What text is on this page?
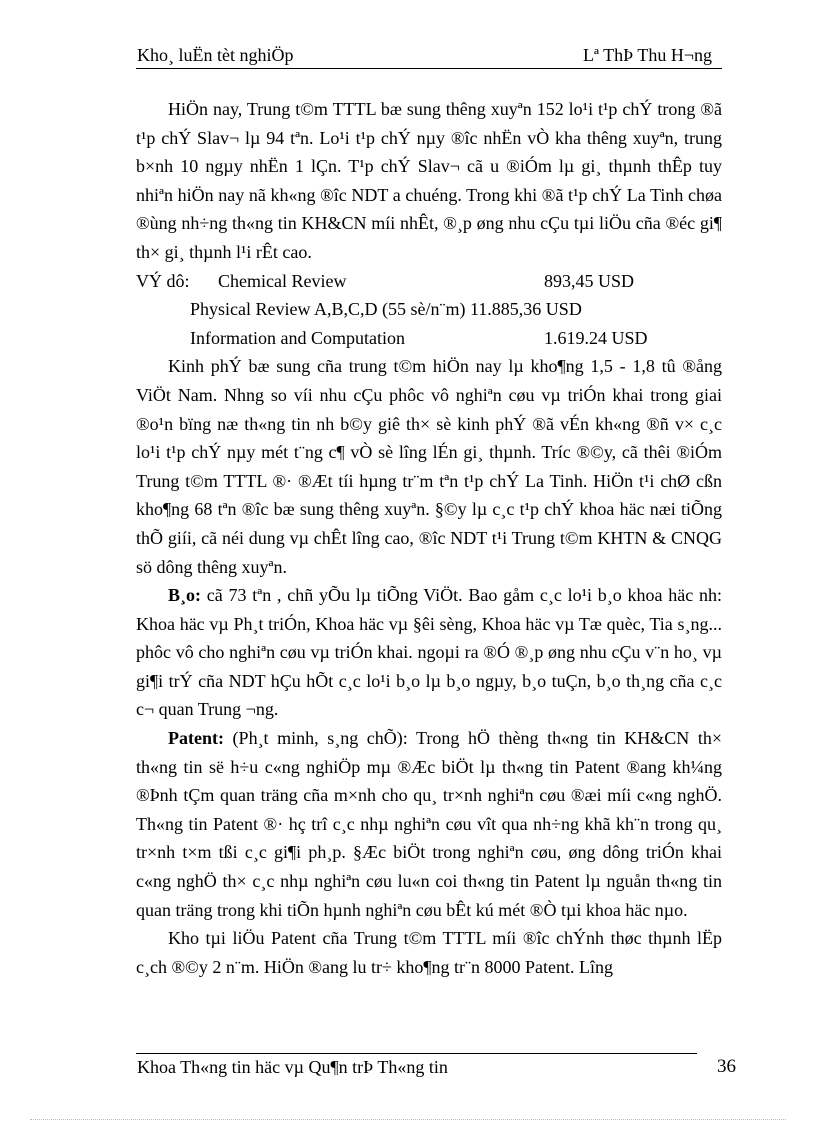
Kho¸ luËn tèt nghiÖp	Lª ThÞ Thu H¬ng

HiÖn nay, Trung t©m TTTL bæ sung thêng xuyªn 152 lo¹i t¹p chÝ trong ®ã t¹p chÝ Slav¬ lµ 94 tªn. Lo¹i t¹p chÝ nµy ®îc nhËn vÒ kha thêng xuyªn, trung b×nh 10 ngµy nhËn 1 lÇn. T¹p chÝ Slav¬ cã u ®iÓm lµ gi¸ thµnh thÊp tuy nhiªn hiÖn nay nã kh«ng ®îc NDT a chuéng. Trong khi ®ã t¹p chÝ La Tinh chøa ®ùng nh÷ng th«ng tin KH&CN míi nhÊt, ®¸p øng nhu cÇu tµi liÖu cña ®éc gi¶ th× gi¸ thµnh l¹i rÊt cao.

VÝ dô:	Chemical Review	893,45 USD
Physical Review A,B,C,D (55 sè/n¨m) 11.885,36 USD
Information and Computation	1.619.24 USD

Kinh phÝ bæ sung cña trung t©m hiÖn nay lµ kho¶ng 1,5 - 1,8 tû ®ång ViÖt Nam. Nhng so víi nhu cÇu phôc vô nghiªn cøu vµ triÓn khai trong giai ®o¹n bïng næ th«ng tin nh b©y giê th× sè kinh phÝ ®ã vÉn kh«ng ®ñ v× c¸c lo¹i t¹p chÝ nµy mét t¨ng c¶ vÒ sè lîng lÉn gi¸ thµnh. Tríc ®©y, cã thêi ®iÓm Trung t©m TTTL ®· ®Æt tíi hµng tr¨m tªn t¹p chÝ La Tinh. HiÖn t¹i chØ cßn kho¶ng 68 tªn ®îc bæ sung thêng xuyªn. §©y lµ c¸c t¹p chÝ khoa häc næi tiÕng thÕ giíi, cã néi dung vµ chÊt lîng cao, ®îc NDT t¹i Trung t©m KHTN & CNQG sö dông thêng xuyªn.

B¸o: cã 73 tªn , chñ yÕu lµ tiÕng ViÖt. Bao gåm c¸c lo¹i b¸o khoa häc nh: Khoa häc vµ Ph¸t triÓn, Khoa häc vµ §êi sèng, Khoa häc vµ Tæ quèc, Tia s¸ng... phôc vô cho nghiªn cøu vµ triÓn khai. ngoµi ra ®Ó ®¸p øng nhu cÇu v¨n ho¸ vµ gi¶i trÝ cña NDT hÇu hÕt c¸c lo¹i b¸o lµ b¸o ngµy, b¸o tuÇn, b¸o th¸ng cña c¸c c¬ quan Trung ¬ng.

Patent: (Ph¸t minh, s¸ng chÕ): Trong hÖ thèng th«ng tin KH&CN th× th«ng tin së h÷u c«ng nghiÖp mµ ®Æc biÖt lµ th«ng tin Patent ®ang kh¼ng ®Þnh tÇm quan träng cña m×nh cho qu¸ tr×nh nghiªn cøu ®æi míi c«ng nghÖ. Th«ng tin Patent ®· hç trî c¸c nhµ nghiªn cøu vît qua nh÷ng khã kh¨n trong qu¸ tr×nh t×m tßi c¸c gi¶i ph¸p. §Æc biÖt trong nghiªn cøu, øng dông triÓn khai c«ng nghÖ th× c¸c nhµ nghiªn cøu lu«n coi th«ng tin Patent lµ nguån th«ng tin quan träng trong khi tiÕn hµnh nghiªn cøu bÊt kú mét ®Ò tµi khoa häc nµo.

Kho tµi liÖu Patent cña Trung t©m TTTL míi ®îc chÝnh thøc thµnh lËp c¸ch ®©y 2 n¨m. HiÖn ®ang lu tr÷ kho¶ng tr¨n 8000 Patent. Lîng

Khoa Th«ng tin häc vµ Qu¶n trÞ Th«ng tin	36
